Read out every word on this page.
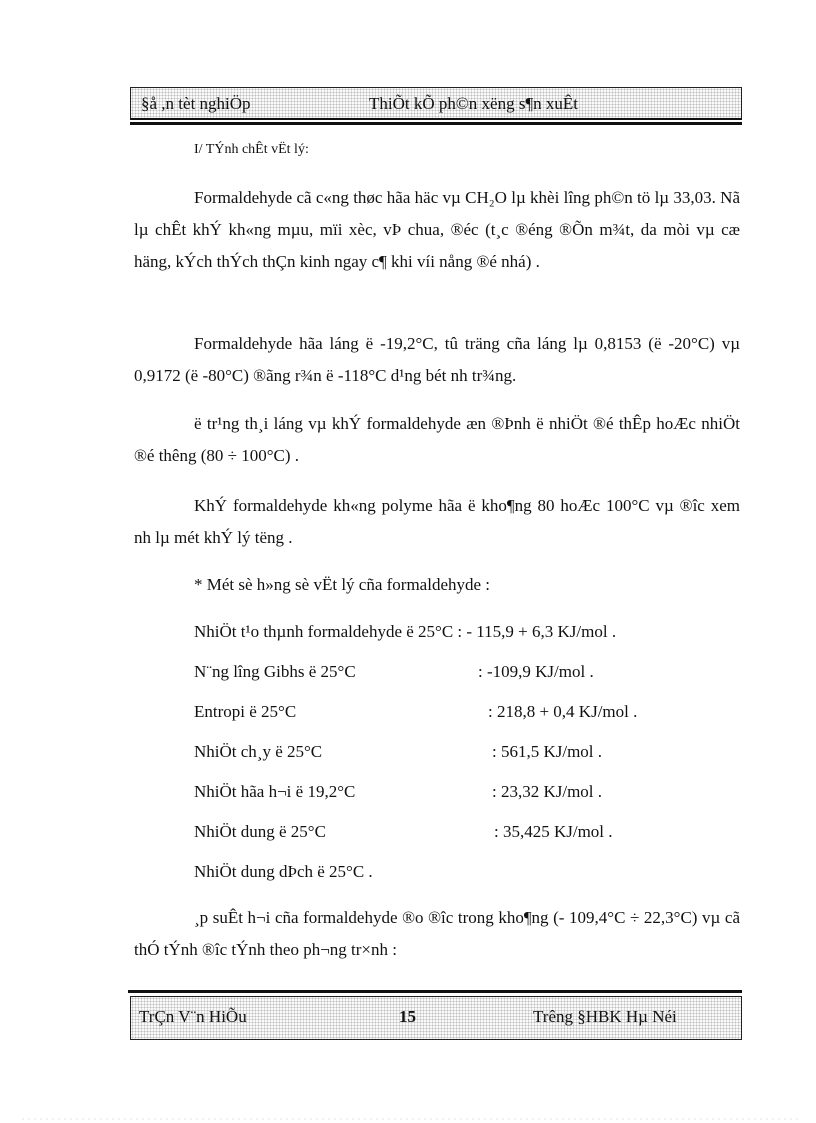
§å ,n tèt nghiÖp	ThiÕt kÕ ph©n xëng s¶n xuÊt
I/ TÝnh chÊt vËt lý:

Formaldehyde cã c«ng thøc hãa häc vµ CH₂O lµ khèi lîng ph©n tö lµ 33,03. Nã lµ chÊt khÝ kh«ng mµu, mïi xèc, vÞ chua, ®éc (t¸c ®éng ®Õn m¾t, da mòi vµ cæ häng, kÝch thÝch thÇn kinh ngay c¶ khi víi nång ®é nhá) .

Formaldehyde hãa láng ë -19,2°C, tû träng cña láng lµ 0,8153 (ë -20°C) vµ 0,9172 (ë -80°C) ®ãng r¾n ë -118°C d¹ng bét nh tr¾ng.

ë tr¹ng th¸i láng vµ khÝ formaldehyde æn ®Þnh ë nhiÖt ®é thÊp hoÆc nhiÖt ®é thêng (80 ÷ 100°C) .

KhÝ formaldehyde kh«ng polyme hãa ë kho¶ng 80 hoÆc 100°C vµ ®îc xem nh lµ mét khÝ lý tëng .

* Mét sè h»ng sè vËt lý cña formaldehyde :
NhiÖt t¹o thµnh formaldehyde ë 25°C : - 115,9 + 6,3 KJ/mol .
N¨ng lîng Gibhs ë 25°C	: -109,9 KJ/mol .
Entropi ë 25°C	: 218,8 + 0,4 KJ/mol .
NhiÖt ch¸y ë 25°C	: 561,5 KJ/mol .
NhiÖt hãa h¬i ë 19,2°C	: 23,32 KJ/mol .
NhiÖt dung ë 25°C	: 35,425 KJ/mol .
NhiÖt dung dÞch ë 25°C .

¸p suÊt h¬i cña formaldehyde ®o ®îc trong kho¶ng (- 109,4°C ÷ 22,3°C) vµ cã thÓ tÝnh ®îc tÝnh theo ph¬ng tr×nh :

TrÇn V¨n HiÕu	15	Trêng §HBK Hµ Néi
